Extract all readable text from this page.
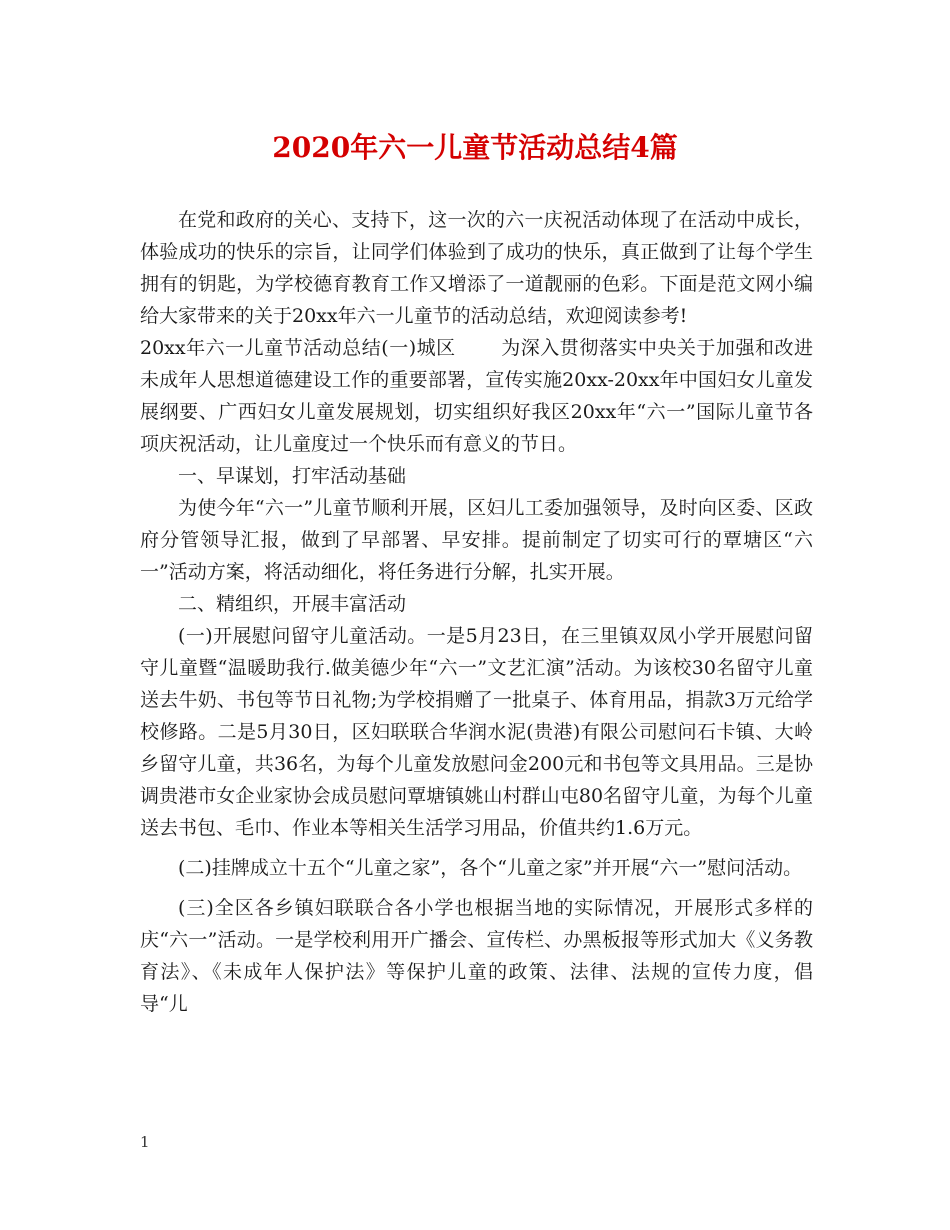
2020年六一儿童节活动总结4篇

在党和政府的关心、支持下，这一次的六一庆祝活动体现了在活动中成长，体验成功的快乐的宗旨，让同学们体验到了成功的快乐，真正做到了让每个学生拥有的钥匙，为学校德育教育工作又增添了一道靓丽的色彩。下面是范文网小编给大家带来的关于20xx年六一儿童节的活动总结，欢迎阅读参考!

20xx年六一儿童节活动总结(一)城区　　 为深入贯彻落实中央关于加强和改进未成年人思想道德建设工作的重要部署，宣传实施20xx-20xx年中国妇女儿童发展纲要、广西妇女儿童发展规划，切实组织好我区20xx年“六一”国际儿童节各项庆祝活动，让儿童度过一个快乐而有意义的节日。

一、早谋划，打牢活动基础

为使今年“六一”儿童节顺利开展，区妇儿工委加强领导，及时向区委、区政府分管领导汇报，做到了早部署、早安排。提前制定了切实可行的覃塘区“六一”活动方案，将活动细化，将任务进行分解，扎实开展。

二、精组织，开展丰富活动

(一)开展慰问留守儿童活动。一是5月23日，在三里镇双凤小学开展慰问留守儿童暨“温暖助我行.做美德少年“六一”文艺汇演”活动。为该校30名留守儿童送去牛奶、书包等节日礼物;为学校捐赠了一批桌子、体育用品，捐款3万元给学校修路。二是5月30日，区妇联联合华润水泥(贵港)有限公司慰问石卡镇、大岭乡留守儿童，共36名，为每个儿童发放慰问金200元和书包等文具用品。三是协调贵港市女企业家协会成员慰问覃塘镇姚山村群山屯80名留守儿童，为每个儿童送去书包、毛巾、作业本等相关生活学习用品，价值共约1.6万元。

(二)挂牌成立十五个“儿童之家”，各个“儿童之家”并开展“六一”慰问活动。

(三)全区各乡镇妇联联合各小学也根据当地的实际情况，开展形式多样的庆“六一”活动。一是学校利用开广播会、宣传栏、办黑板报等形式加大《义务教育法》、《未成年人保护法》等保护儿童的政策、法律、法规的宣传力度，倡导“儿

1
